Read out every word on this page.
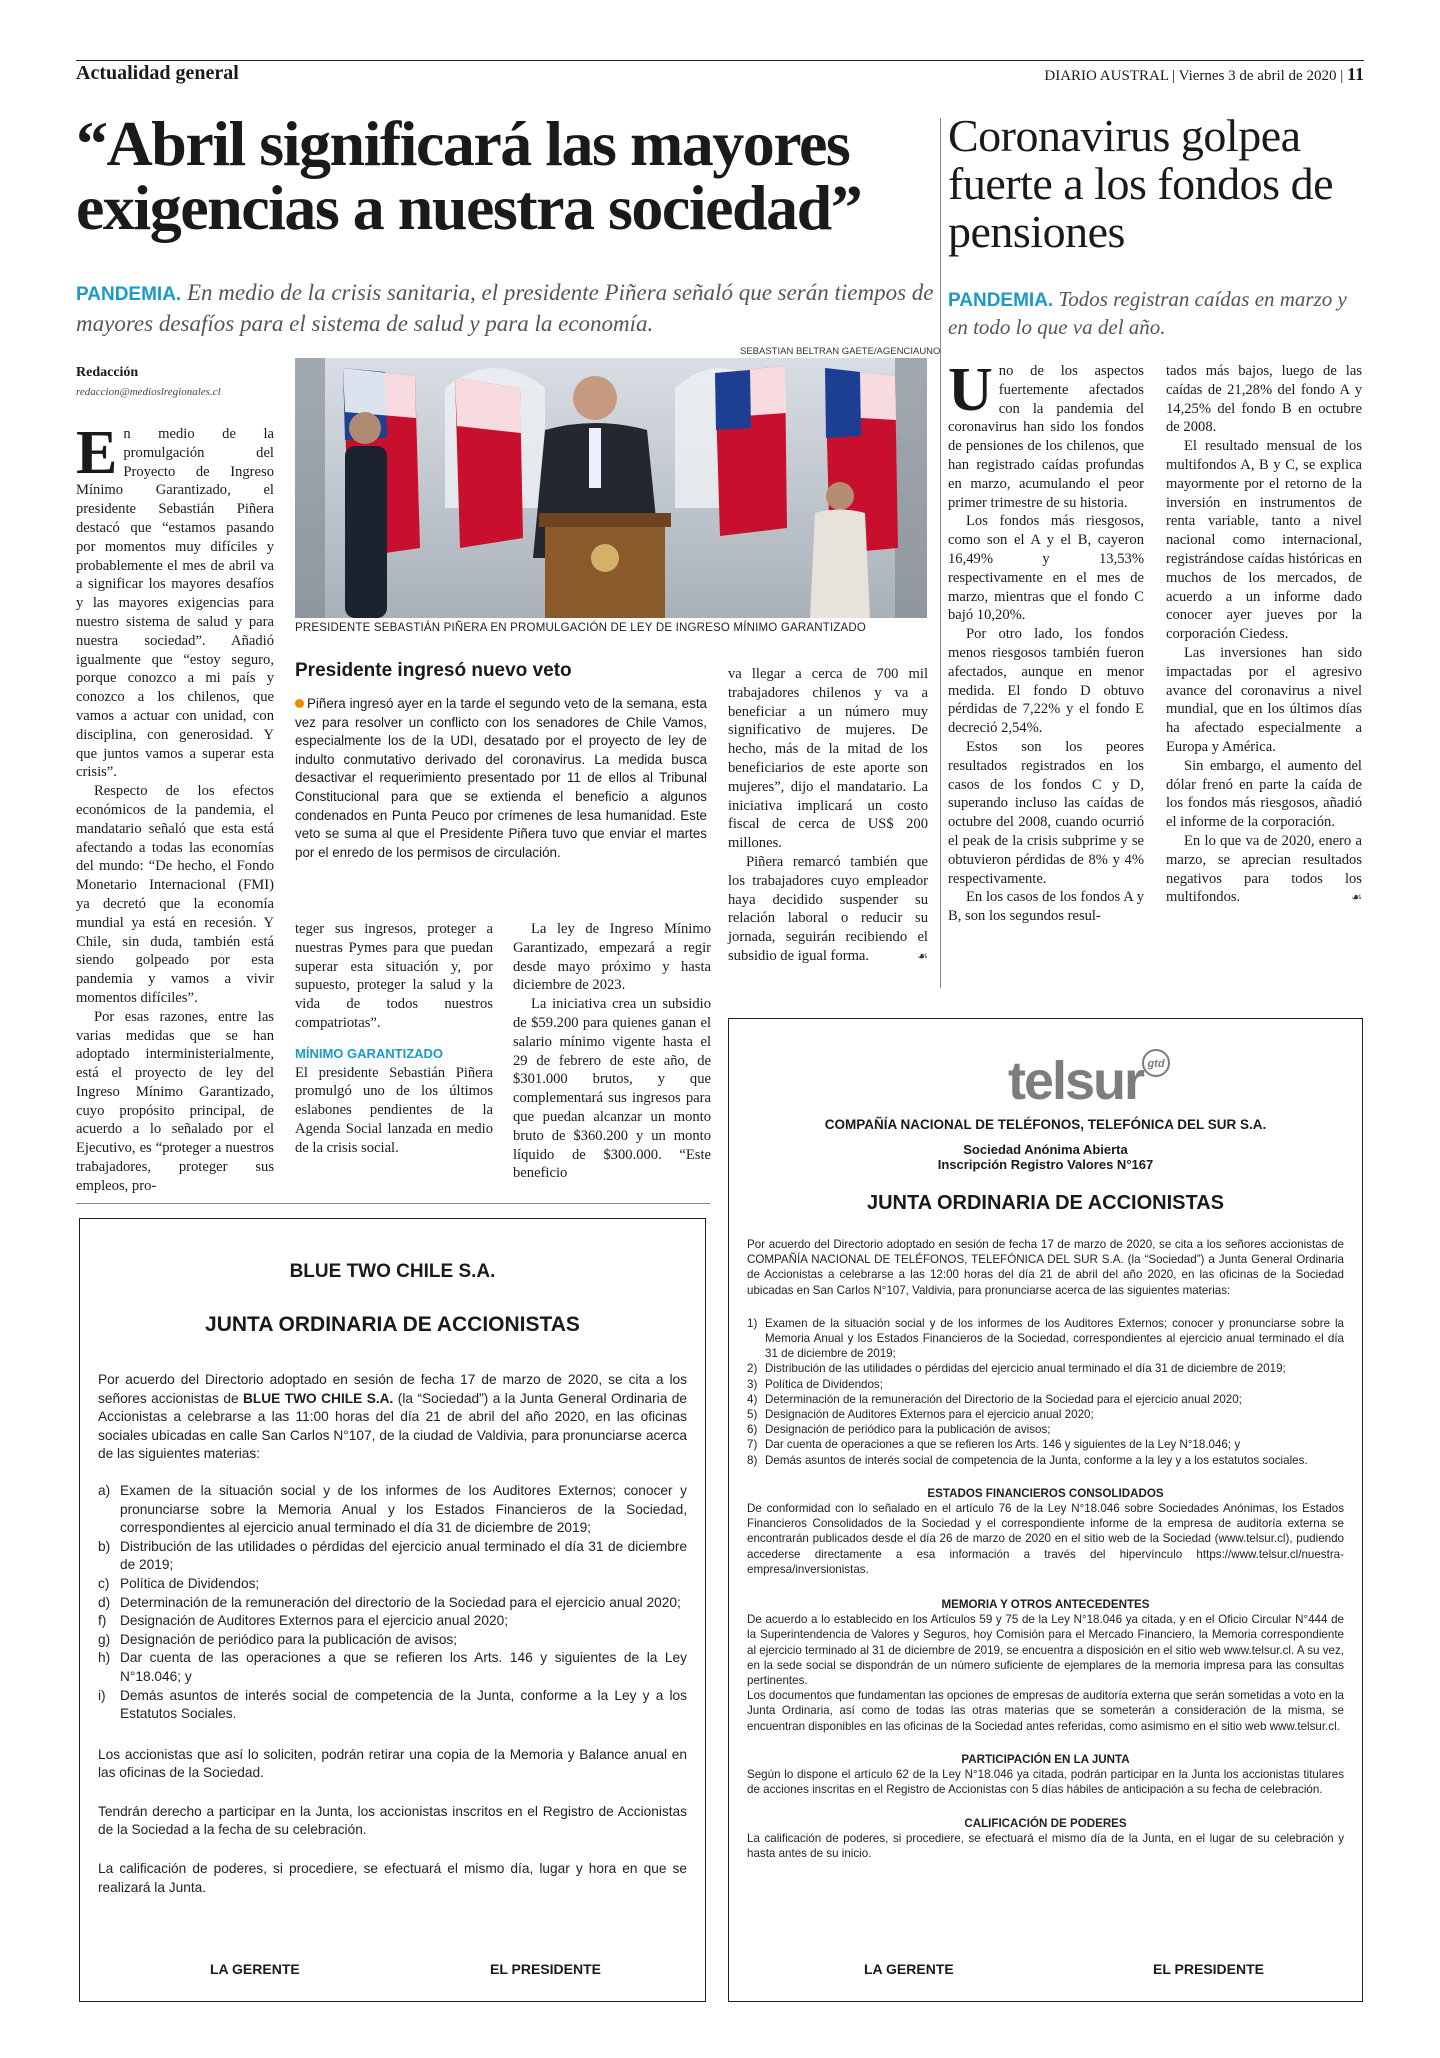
Actualidad general	DIARIO AUSTRAL | Viernes 3 de abril de 2020 | 11
“Abril significará las mayores exigencias a nuestra sociedad”
PANDEMIA. En medio de la crisis sanitaria, el presidente Piñera señaló que serán tiempos de mayores desafíos para el sistema de salud y para la economía.
Redacción
redaccion@medioslregionales.cl

En medio de la promulgación del Proyecto de Ingreso Mínimo Garantizado, el presidente Sebastián Piñera destacó que “estamos pasando por momentos muy difíciles y probablemente el mes de abril va a significar los mayores desafíos y las mayores exigencias para nuestro sistema de salud y para nuestra sociedad”. Añadió igualmente que “estoy seguro, porque conozco a mi país y conozco a los chilenos, que vamos a actuar con unidad, con disciplina, con generosidad. Y que juntos vamos a superar esta crisis”.

Respecto de los efectos económicos de la pandemia, el mandatario señaló que esta está afectando a todas las economías del mundo: “De hecho, el Fondo Monetario Internacional (FMI) ya decretó que la economía mundial ya está en recesión. Y Chile, sin duda, también está siendo golpeado por esta pandemia y vamos a vivir momentos difíciles”.

Por esas razones, entre las varias medidas que se han adoptado interministerialmente, está el proyecto de ley del Ingreso Mínimo Garantizado, cuyo propósito principal, de acuerdo a lo señalado por el Ejecutivo, es “proteger a nuestros trabajadores, proteger sus empleos, pro-

SEBASTIAN BELTRAN GAETE/AGENCIAUNO
PRESIDENTE SEBASTIÁN PIÑERA EN PROMULGACIÓN DE LEY DE INGRESO MÍNIMO GARANTIZADO
Presidente ingresó nuevo veto

Piñera ingresó ayer en la tarde el segundo veto de la semana, esta vez para resolver un conflicto con los senadores de Chile Vamos, especialmente los de la UDI, desatado por el proyecto de ley de indulto conmutativo derivado del coronavirus. La medida busca desactivar el requerimiento presentado por 11 de ellos al Tribunal Constitucional para que se extienda el beneficio a algunos condenados en Punta Peuco por crímenes de lesa humanidad. Este veto se suma al que el Presidente Piñera tuvo que enviar el martes por el enredo de los permisos de circulación.

va llegar a cerca de 700 mil trabajadores chilenos y va a beneficiar a un número muy significativo de mujeres. De hecho, más de la mitad de los beneficiarios de este aporte son mujeres”, dijo el mandatario. La iniciativa implicará un costo fiscal de cerca de US$ 200 millones.

Piñera remarcó también que los trabajadores cuyo empleador haya decidido suspender su relación laboral o reducir su jornada, seguirán recibiendo el subsidio de igual forma.	☙

teger sus ingresos, proteger a nuestras Pymes para que puedan superar esta situación y, por supuesto, proteger la salud y la vida de todos nuestros compatriotas”.

MÍNIMO GARANTIZADO

El presidente Sebastián Piñera promulgó uno de los últimos eslabones pendientes de la Agenda Social lanzada en medio de la crisis social.

La ley de Ingreso Mínimo Garantizado, empezará a regir desde mayo próximo y hasta diciembre de 2023.

La iniciativa crea un subsidio de $59.200 para quienes ganan el salario mínimo vigente hasta el 29 de febrero de este año, de $301.000 brutos, y que complementará sus ingresos para que puedan alcanzar un monto bruto de $360.200 y un monto líquido de $300.000. “Este beneficio

Coronavirus golpea fuerte a los fondos de pensiones
PANDEMIA. Todos registran caídas en marzo y en todo lo que va del año.

Uno de los aspectos fuertemente afectados con la pandemia del coronavirus han sido los fondos de pensiones de los chilenos, que han registrado caídas profundas en marzo, acumulando el peor primer trimestre de su historia.

Los fondos más riesgosos, como son el A y el B, cayeron 16,49% y 13,53% respectivamente en el mes de marzo, mientras que el fondo C bajó 10,20%.

Por otro lado, los fondos menos riesgosos también fueron afectados, aunque en menor medida. El fondo D obtuvo pérdidas de 7,22% y el fondo E decreció 2,54%.

Estos son los peores resultados registrados en los casos de los fondos C y D, superando incluso las caídas de octubre del 2008, cuando ocurrió el peak de la crisis subprime y se obtuvieron pérdidas de 8% y 4% respectivamente.

En los casos de los fondos A y B, son los segundos resul-

tados más bajos, luego de las caídas de 21,28% del fondo A y 14,25% del fondo B en octubre de 2008.

El resultado mensual de los multifondos A, B y C, se explica mayormente por el retorno de la inversión en instrumentos de renta variable, tanto a nivel nacional como internacional, registrándose caídas históricas en muchos de los mercados, de acuerdo a un informe dado conocer ayer jueves por la corporación Ciedess.

Las inversiones han sido impactadas por el agresivo avance del coronavirus a nivel mundial, que en los últimos días ha afectado especialmente a Europa y América.

Sin embargo, el aumento del dólar frenó en parte la caída de los fondos más riesgosos, añadió el informe de la corporación.

En lo que va de 2020, enero a marzo, se aprecian resultados negativos para todos los multifondos.	☙

BLUE TWO CHILE S.A.
JUNTA ORDINARIA DE ACCIONISTAS

Por acuerdo del Directorio adoptado en sesión de fecha 17 de marzo de 2020, se cita a los señores accionistas de BLUE TWO CHILE S.A. (la “Sociedad”) a la Junta General Ordinaria de Accionistas a celebrarse a las 11:00 horas del día 21 de abril del año 2020, en las oficinas sociales ubicadas en calle San Carlos N°107, de la ciudad de Valdivia, para pronunciarse acerca de las siguientes materias:

a) Examen de la situación social y de los informes de los Auditores Externos; conocer y pronunciarse sobre la Memoria Anual y los Estados Financieros de la Sociedad, correspondientes al ejercicio anual terminado el día 31 de diciembre de 2019;
b) Distribución de las utilidades o pérdidas del ejercicio anual terminado el día 31 de diciembre de 2019;
c) Política de Dividendos;
d) Determinación de la remuneración del directorio de la Sociedad para el ejercicio anual 2020;
f) Designación de Auditores Externos para el ejercicio anual 2020;
g) Designación de periódico para la publicación de avisos;
h) Dar cuenta de las operaciones a que se refieren los Arts. 146 y siguientes de la Ley N°18.046; y
i)	Demás asuntos de interés social de competencia de la Junta, conforme a la Ley y a los Estatutos Sociales.

Los accionistas que así lo soliciten, podrán retirar una copia de la Memoria y Balance anual en las oficinas de la Sociedad.

Tendrán derecho a participar en la Junta, los accionistas inscritos en el Registro de Accionistas de la Sociedad a la fecha de su celebración.

La calificación de poderes, si procediere, se efectuará el mismo día, lugar y hora en que se realizará la Junta.

LA GERENTE	EL PRESIDENTE
telsur gtd
COMPAÑÍA NACIONAL DE TELÉFONOS, TELEFÓNICA DEL SUR S.A.
Sociedad Anónima Abierta
Inscripción Registro Valores N°167
JUNTA ORDINARIA DE ACCIONISTAS

Por acuerdo del Directorio adoptado en sesión de fecha 17 de marzo de 2020, se cita a los señores accionistas de COMPAÑÍA NACIONAL DE TELÉFONOS, TELEFÓNICA DEL SUR S.A. (la “Sociedad”) a Junta General Ordinaria de Accionistas a celebrarse a las 12:00 horas del día 21 de abril del año 2020, en las oficinas de la Sociedad ubicadas en San Carlos N°107, Valdivia, para pronunciarse acerca de las siguientes materias:

1) Examen de la situación social y de los informes de los Auditores Externos; conocer y pronunciarse sobre la Memoria Anual y los Estados Financieros de la Sociedad, correspondientes al ejercicio anual terminado el día 31 de diciembre de 2019;
2) Distribución de las utilidades o pérdidas del ejercicio anual terminado el día 31 de diciembre de 2019;
3) Política de Dividendos;
4) Determinación de la remuneración del Directorio de la Sociedad para el ejercicio anual 2020;
5) Designación de Auditores Externos para el ejercicio anual 2020;
6) Designación de periódico para la publicación de avisos;
7) Dar cuenta de operaciones a que se refieren los Arts. 146 y siguientes de la Ley N°18.046; y
8) Demás asuntos de interés social de competencia de la Junta, conforme a la ley y a los estatutos sociales.

ESTADOS FINANCIEROS CONSOLIDADOS

De conformidad con lo señalado en el artículo 76 de la Ley N°18.046 sobre Sociedades Anónimas, los Estados Financieros Consolidados de la Sociedad y el correspondiente informe de la empresa de auditoría externa se encontrarán publicados desde el día 26 de marzo de 2020 en el sitio web de la Sociedad (www.telsur.cl), pudiendo accederse directamente a esa información a través del hipervínculo https://www.telsur.cl/nuestra-empresa/inversionistas.

MEMORIA Y OTROS ANTECEDENTES

De acuerdo a lo establecido en los Artículos 59 y 75 de la Ley N°18.046 ya citada, y en el Oficio Circular N°444 de la Superintendencia de Valores y Seguros, hoy Comisión para el Mercado Financiero, la Memoria correspondiente al ejercicio terminado al 31 de diciembre de 2019, se encuentra a disposición en el sitio web www.telsur.cl. A su vez, en la sede social se dispondrán de un número suficiente de ejemplares de la memoria impresa para las consultas pertinentes.

Los documentos que fundamentan las opciones de empresas de auditoría externa que serán sometidas a voto en la Junta Ordinaria, así como de todas las otras materias que se someterán a consideración de la misma, se encuentran disponibles en las oficinas de la Sociedad antes referidas, como asimismo en el sitio web www.telsur.cl.

PARTICIPACIÓN EN LA JUNTA

Según lo dispone el artículo 62 de la Ley N°18.046 ya citada, podrán participar en la Junta los accionistas titulares de acciones inscritas en el Registro de Accionistas con 5 días hábiles de anticipación a su fecha de celebración.

CALIFICACIÓN DE PODERES

La calificación de poderes, si procediere, se efectuará el mismo día de la Junta, en el lugar de su celebración y hasta antes de su inicio.

LA GERENTE	EL PRESIDENTE
